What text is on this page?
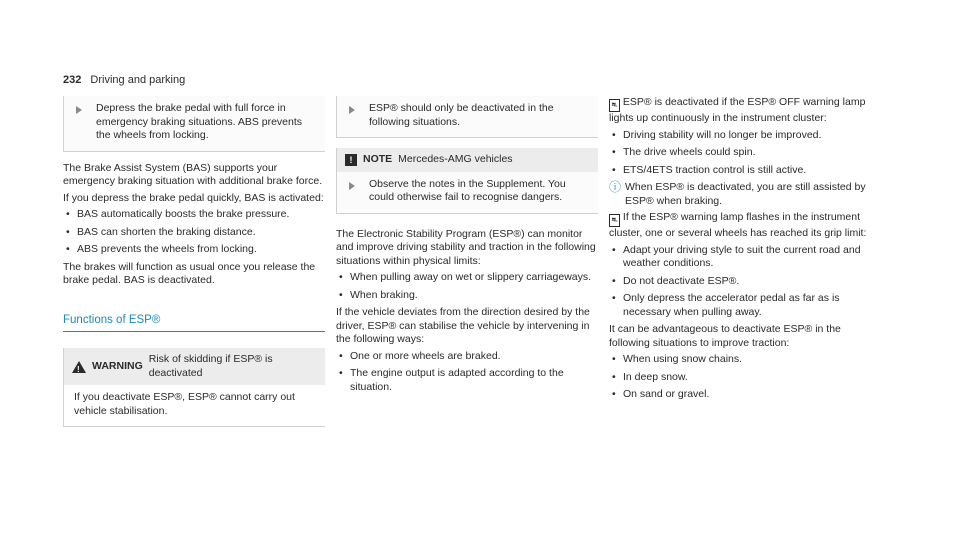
232 Driving and parking
Depress the brake pedal with full force in emergency braking situations. ABS prevents the wheels from locking.

The Brake Assist System (BAS) supports your emergency braking situation with additional brake force.

If you depress the brake pedal quickly, BAS is activated:

• BAS automatically boosts the brake pressure.
• BAS can shorten the braking distance.
• ABS prevents the wheels from locking.

The brakes will function as usual once you release the brake pedal. BAS is deactivated.

Functions of ESP®
! WARNING
Risk of skidding if ESP® is deactivated
If you deactivate ESP®, ESP® cannot carry out vehicle stabilisation.
ESP® should only be deactivated in the following situations.
!	NOTE Mercedes-AMG vehicles
Observe the notes in the Supplement. You could otherwise fail to recognise dangers.

The Electronic Stability Program (ESP®) can monitor and improve driving stability and traction in the following situations within physical limits:

• When pulling away on wet or slippery carriageways.
• When braking.

If the vehicle deviates from the direction desired by the driver, ESP® can stabilise the vehicle by intervening in the following ways:

• One or more wheels are braked.
• The engine output is adapted according to the situation.

⛐ ESP® is deactivated if the ESP® OFF warning lamp lights up continuously in the instrument cluster:

• Driving stability will no longer be improved.
• The drive wheels could spin.
• ETS/4ETS traction control is still active.
ⓘ When ESP® is deactivated, you are still assisted by ESP® when braking.

⛐ If the ESP® warning lamp flashes in the instrument cluster, one or several wheels has reached its grip limit:

• Adapt your driving style to suit the current road and weather conditions.
• Do not deactivate ESP®.
• Only depress the accelerator pedal as far as is necessary when pulling away.

It can be advantageous to deactivate ESP® in the following situations to improve traction:

• When using snow chains.
• In deep snow.
• On sand or gravel.
